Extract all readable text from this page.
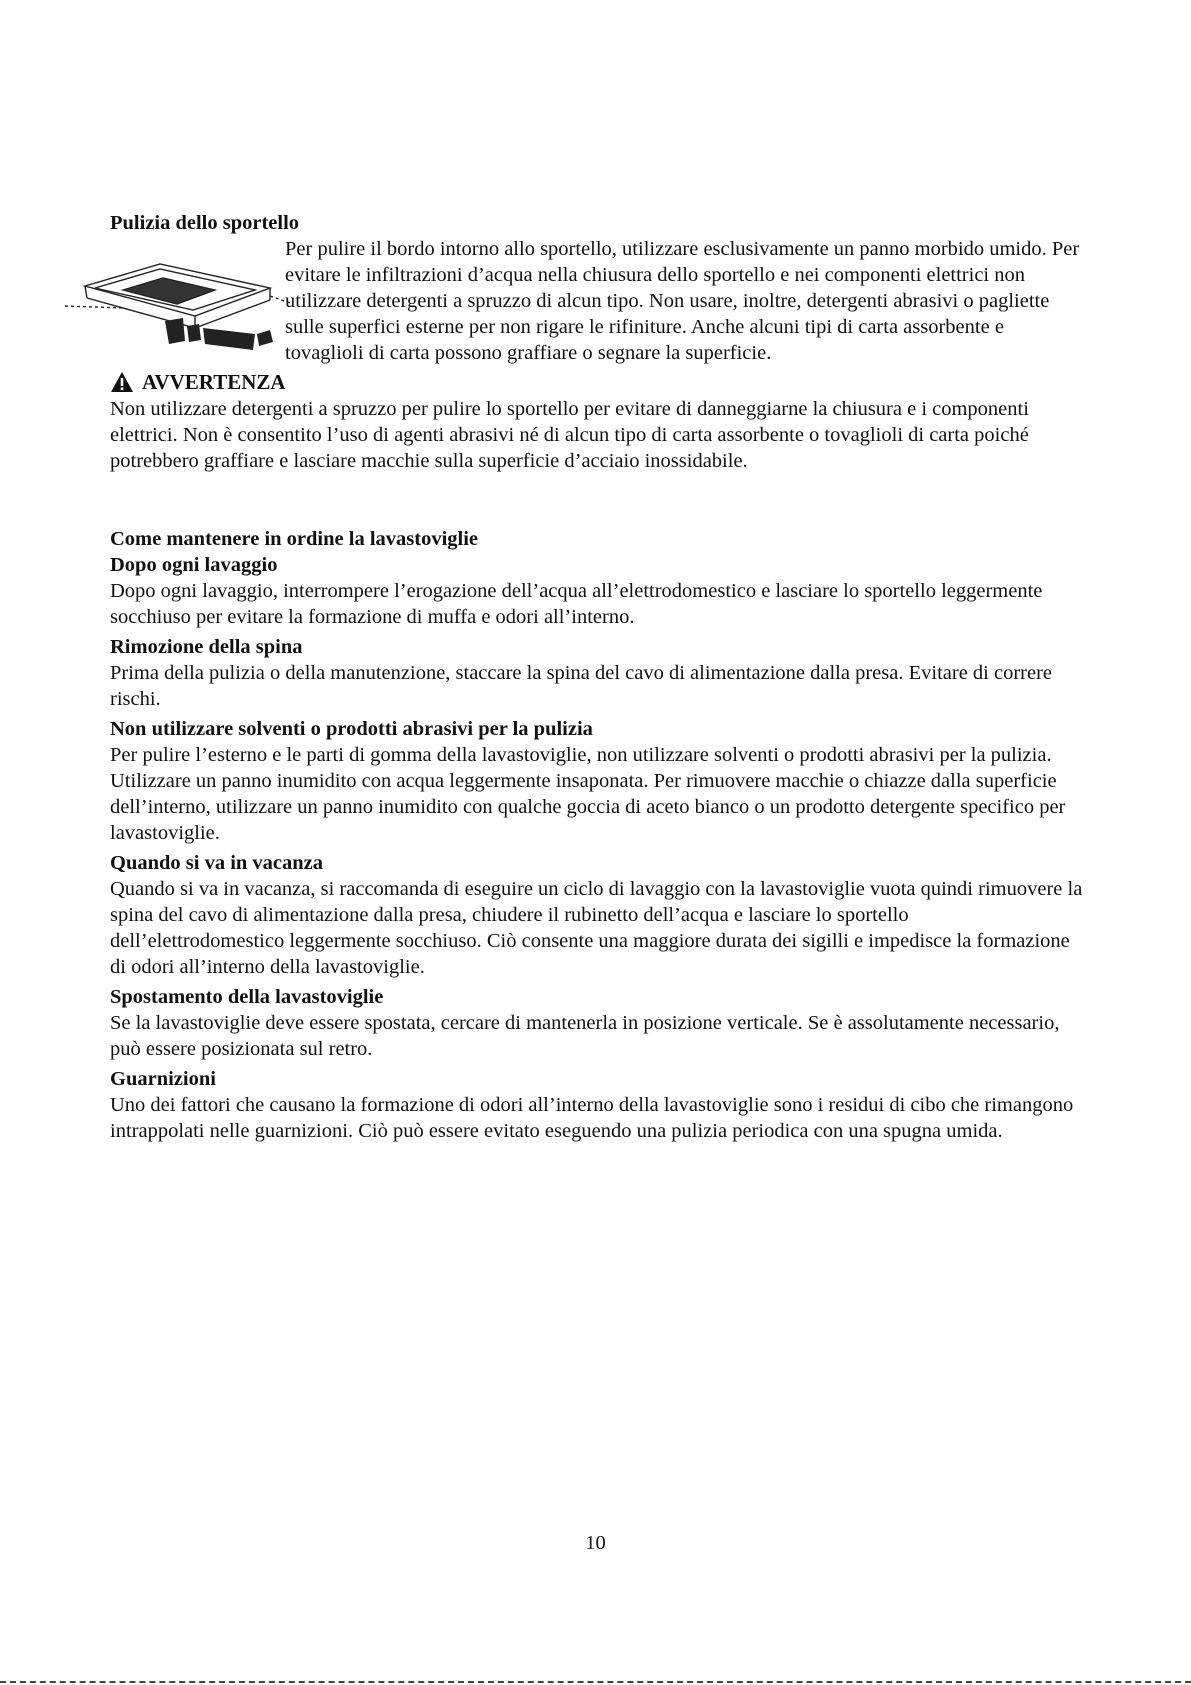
Pulizia dello sportello

Per pulire il bordo intorno allo sportello, utilizzare esclusivamente un panno morbido umido. Per evitare le infiltrazioni d’acqua nella chiusura dello sportello e nei componenti elettrici non utilizzare detergenti a spruzzo di alcun tipo. Non usare, inoltre, detergenti abrasivi o pagliette sulle superfici esterne per non rigare le rifiniture. Anche alcuni tipi di carta assorbente e tovaglioli di carta possono graffiare o segnare la superficie.

AVVERTENZA

Non utilizzare detergenti a spruzzo per pulire lo sportello per evitare di danneggiarne la chiusura e i componenti elettrici. Non è consentito l’uso di agenti abrasivi né di alcun tipo di carta assorbente o tovaglioli di carta poiché potrebbero graffiare e lasciare macchie sulla superficie d’acciaio inossidabile.

Come mantenere in ordine la lavastoviglie
Dopo ogni lavaggio

Dopo ogni lavaggio, interrompere l’erogazione dell’acqua all’elettrodomestico e lasciare lo sportello leggermente socchiuso per evitare la formazione di muffa e odori all’interno.

Rimozione della spina

Prima della pulizia o della manutenzione, staccare la spina del cavo di alimentazione dalla presa. Evitare di correre rischi.

Non utilizzare solventi o prodotti abrasivi per la pulizia

Per pulire l’esterno e le parti di gomma della lavastoviglie, non utilizzare solventi o prodotti abrasivi per la pulizia. Utilizzare un panno inumidito con acqua leggermente insaponata. Per rimuovere macchie o chiazze dalla superficie dell’interno, utilizzare un panno inumidito con qualche goccia di aceto bianco o un prodotto detergente specifico per lavastoviglie.

Quando si va in vacanza

Quando si va in vacanza, si raccomanda di eseguire un ciclo di lavaggio con la lavastoviglie vuota quindi rimuovere la spina del cavo di alimentazione dalla presa, chiudere il rubinetto dell’acqua e lasciare lo sportello dell’elettrodomestico leggermente socchiuso. Ciò consente una maggiore durata dei sigilli e impedisce la formazione di odori all’interno della lavastoviglie.

Spostamento della lavastoviglie

Se la lavastoviglie deve essere spostata, cercare di mantenerla in posizione verticale. Se è assolutamente necessario, può essere posizionata sul retro.

Guarnizioni

Uno dei fattori che causano la formazione di odori all’interno della lavastoviglie sono i residui di cibo che rimangono intrappolati nelle guarnizioni. Ciò può essere evitato eseguendo una pulizia periodica con una spugna umida.

10
